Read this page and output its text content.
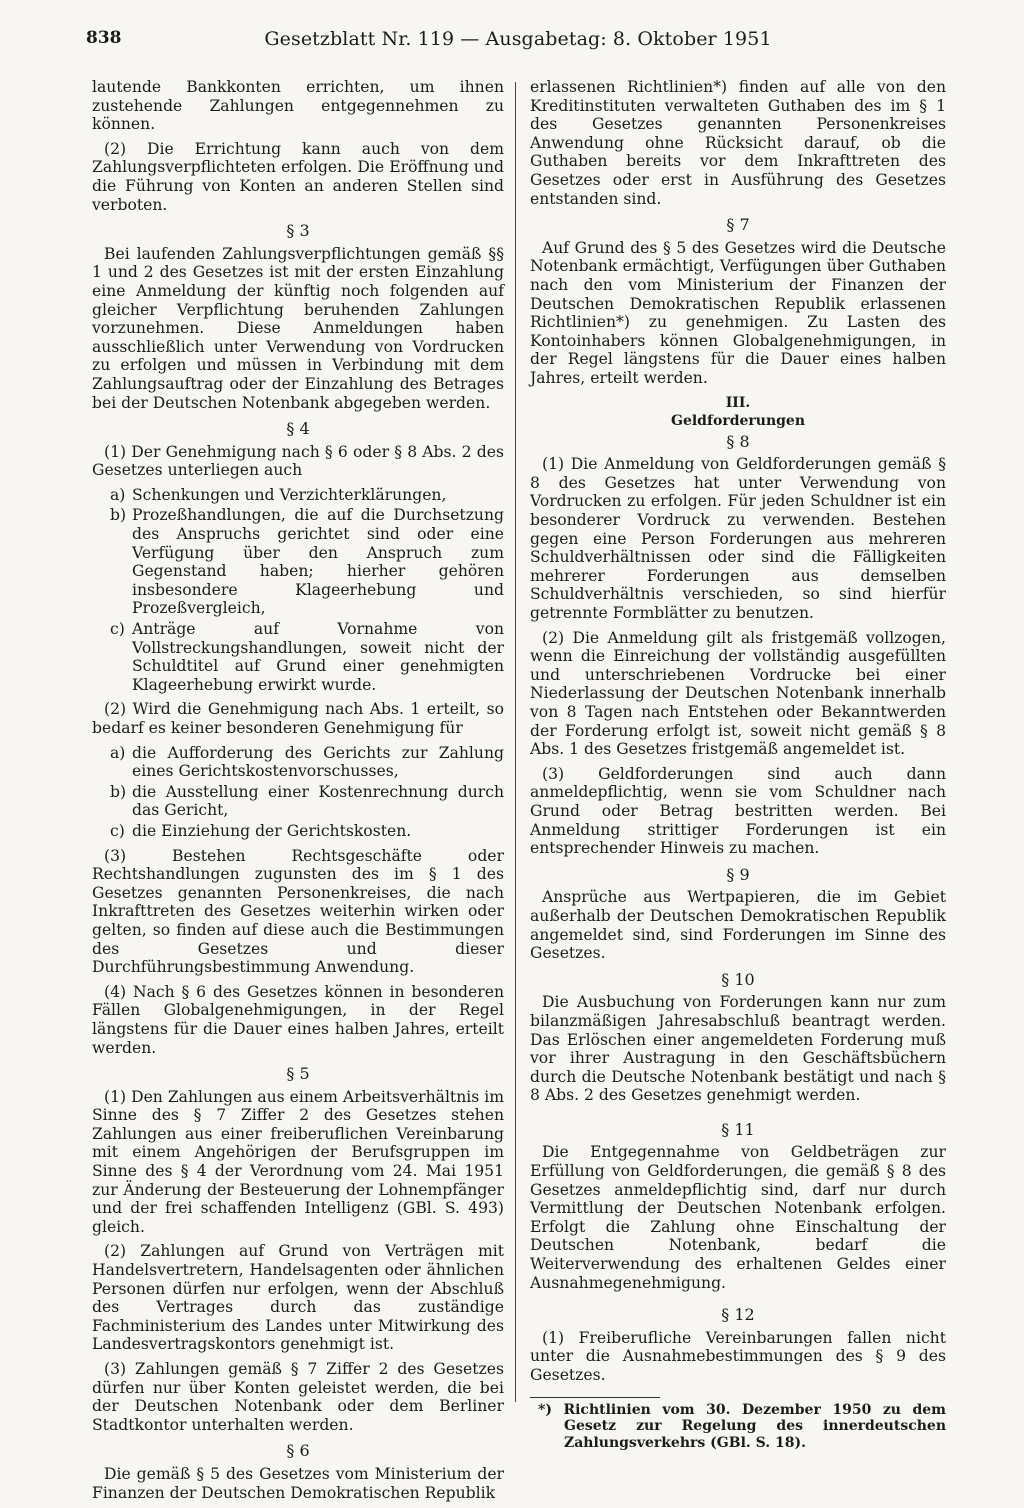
838	Gesetzblatt Nr. 119 — Ausgabetag: 8. Oktober 1951

lautende Bankkonten errichten, um ihnen zustehende Zahlungen entgegennehmen zu können.

(2) Die Errichtung kann auch von dem Zahlungsverpflichteten erfolgen. Die Eröffnung und die Führung von Konten an anderen Stellen sind verboten.

§ 3

Bei laufenden Zahlungsverpflichtungen gemäß §§ 1 und 2 des Gesetzes ist mit der ersten Einzahlung eine Anmeldung der künftig noch folgenden auf gleicher Verpflichtung beruhenden Zahlungen vorzunehmen. Diese Anmeldungen haben ausschließlich unter Verwendung von Vordrucken zu erfolgen und müssen in Verbindung mit dem Zahlungsauftrag oder der Einzahlung des Betrages bei der Deutschen Notenbank abgegeben werden.

§ 4

(1) Der Genehmigung nach § 6 oder § 8 Abs. 2 des Gesetzes unterliegen auch

a) Schenkungen und Verzichterklärungen,
b) Prozeßhandlungen, die auf die Durchsetzung des Anspruchs gerichtet sind oder eine Verfügung über den Anspruch zum Gegenstand haben; hierher gehören insbesondere Klageerhebung und Prozeßvergleich,
c) Anträge auf Vornahme von Vollstreckungshandlungen, soweit nicht der Schuldtitel auf Grund einer genehmigten Klageerhebung erwirkt wurde.

(2) Wird die Genehmigung nach Abs. 1 erteilt, so bedarf es keiner besonderen Genehmigung für

a) die Aufforderung des Gerichts zur Zahlung eines Gerichtskostenvorschusses,
b) die Ausstellung einer Kostenrechnung durch das Gericht,
c) die Einziehung der Gerichtskosten.

(3) Bestehen Rechtsgeschäfte oder Rechtshandlungen zugunsten des im § 1 des Gesetzes genannten Personenkreises, die nach Inkrafttreten des Gesetzes weiterhin wirken oder gelten, so finden auf diese auch die Bestimmungen des Gesetzes und dieser Durchführungsbestimmung Anwendung.

(4) Nach § 6 des Gesetzes können in besonderen Fällen Globalgenehmigungen, in der Regel längstens für die Dauer eines halben Jahres, erteilt werden.

§ 5

(1) Den Zahlungen aus einem Arbeitsverhältnis im Sinne des § 7 Ziffer 2 des Gesetzes stehen Zahlungen aus einer freiberuflichen Vereinbarung mit einem Angehörigen der Berufsgruppen im Sinne des § 4 der Verordnung vom 24. Mai 1951 zur Änderung der Besteuerung der Lohnempfänger und der frei schaffenden Intelligenz (GBl. S. 493) gleich.

(2) Zahlungen auf Grund von Verträgen mit Handelsvertretern, Handelsagenten oder ähnlichen Personen dürfen nur erfolgen, wenn der Abschluß des Vertrages durch das zuständige Fachministerium des Landes unter Mitwirkung des Landesvertragskontors genehmigt ist.

(3) Zahlungen gemäß § 7 Ziffer 2 des Gesetzes dürfen nur über Konten geleistet werden, die bei der Deutschen Notenbank oder dem Berliner Stadtkontor unterhalten werden.

§ 6

Die gemäß § 5 des Gesetzes vom Ministerium der Finanzen der Deutschen Demokratischen Republik

erlassenen Richtlinien*) finden auf alle von den Kreditinstituten verwalteten Guthaben des im § 1 des Gesetzes genannten Personenkreises Anwendung ohne Rücksicht darauf, ob die Guthaben bereits vor dem Inkrafttreten des Gesetzes oder erst in Ausführung des Gesetzes entstanden sind.

§ 7

Auf Grund des § 5 des Gesetzes wird die Deutsche Notenbank ermächtigt, Verfügungen über Guthaben nach den vom Ministerium der Finanzen der Deutschen Demokratischen Republik erlassenen Richtlinien*) zu genehmigen. Zu Lasten des Kontoinhabers können Globalgenehmigungen, in der Regel längstens für die Dauer eines halben Jahres, erteilt werden.

III.
Geldforderungen
§ 8

(1) Die Anmeldung von Geldforderungen gemäß § 8 des Gesetzes hat unter Verwendung von Vordrucken zu erfolgen. Für jeden Schuldner ist ein besonderer Vordruck zu verwenden. Bestehen gegen eine Person Forderungen aus mehreren Schuldverhältnissen oder sind die Fälligkeiten mehrerer Forderungen aus demselben Schuldverhältnis verschieden, so sind hierfür getrennte Formblätter zu benutzen.

(2) Die Anmeldung gilt als fristgemäß vollzogen, wenn die Einreichung der vollständig ausgefüllten und unterschriebenen Vordrucke bei einer Niederlassung der Deutschen Notenbank innerhalb von 8 Tagen nach Entstehen oder Bekanntwerden der Forderung erfolgt ist, soweit nicht gemäß § 8 Abs. 1 des Gesetzes fristgemäß angemeldet ist.

(3) Geldforderungen sind auch dann anmeldepflichtig, wenn sie vom Schuldner nach Grund oder Betrag bestritten werden. Bei Anmeldung strittiger Forderungen ist ein entsprechender Hinweis zu machen.

§ 9

Ansprüche aus Wertpapieren, die im Gebiet außerhalb der Deutschen Demokratischen Republik angemeldet sind, sind Forderungen im Sinne des Gesetzes.

§ 10

Die Ausbuchung von Forderungen kann nur zum bilanzmäßigen Jahresabschluß beantragt werden. Das Erlöschen einer angemeldeten Forderung muß vor ihrer Austragung in den Geschäftsbüchern durch die Deutsche Notenbank bestätigt und nach § 8 Abs. 2 des Gesetzes genehmigt werden.

§ 11

Die Entgegennahme von Geldbeträgen zur Erfüllung von Geldforderungen, die gemäß § 8 des Gesetzes anmeldepflichtig sind, darf nur durch Vermittlung der Deutschen Notenbank erfolgen. Erfolgt die Zahlung ohne Einschaltung der Deutschen Notenbank, bedarf die Weiterverwendung des erhaltenen Geldes einer Ausnahmegenehmigung.

§ 12

(1) Freiberufliche Vereinbarungen fallen nicht unter die Ausnahmebestimmungen des § 9 des Gesetzes.

*) Richtlinien vom 30. Dezember 1950 zu dem Gesetz zur Regelung des innerdeutschen Zahlungsverkehrs (GBl. S. 18).
